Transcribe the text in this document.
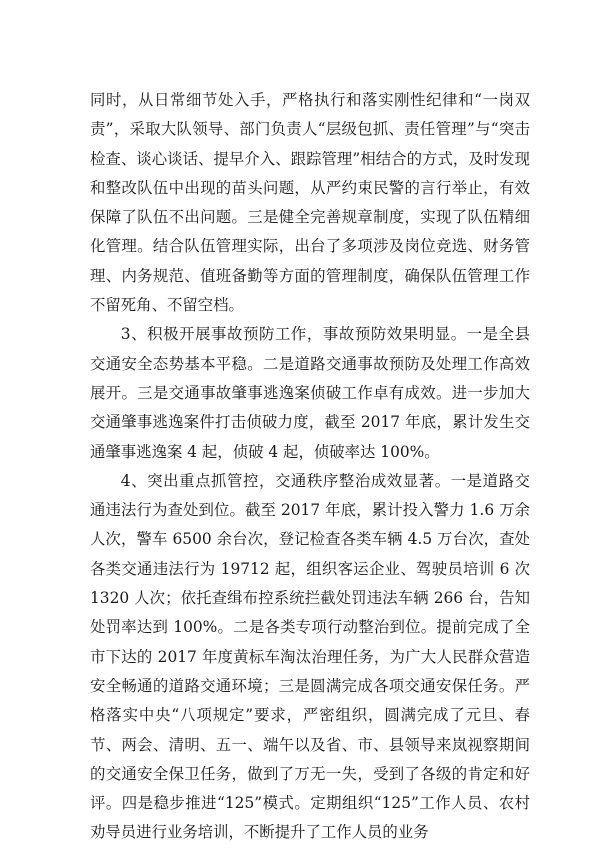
同时，从日常细节处入手，严格执行和落实刚性纪律和“一岗双责”，采取大队领导、部门负责人“层级包抓、责任管理”与“突击检查、谈心谈话、提早介入、跟踪管理”相结合的方式，及时发现和整改队伍中出现的苗头问题，从严约束民警的言行举止，有效保障了队伍不出问题。三是健全完善规章制度，实现了队伍精细化管理。结合队伍管理实际，出台了多项涉及岗位竞选、财务管理、内务规范、值班备勤等方面的管理制度，确保队伍管理工作不留死角、不留空档。

3、积极开展事故预防工作，事故预防效果明显。一是全县交通安全态势基本平稳。二是道路交通事故预防及处理工作高效展开。三是交通事故肇事逃逸案侦破工作卓有成效。进一步加大交通肇事逃逸案件打击侦破力度，截至 2017 年底，累计发生交通肇事逃逸案 4 起，侦破 4 起，侦破率达 100%。

4、突出重点抓管控，交通秩序整治成效显著。一是道路交通违法行为查处到位。截至 2017 年底，累计投入警力 1.6 万余人次，警车 6500 余台次，登记检查各类车辆 4.5 万台次，查处各类交通违法行为 19712 起，组织客运企业、驾驶员培训 6 次 1320 人次；依托查缉布控系统拦截处罚违法车辆 266 台，告知处罚率达到 100%。二是各类专项行动整治到位。提前完成了全市下达的 2017 年度黄标车淘汰治理任务，为广大人民群众营造安全畅通的道路交通环境；三是圆满完成各项交通安保任务。严格落实中央“八项规定”要求，严密组织，圆满完成了元旦、春节、两会、清明、五一、端午以及省、市、县领导来岚视察期间的交通安全保卫任务，做到了万无一失，受到了各级的肯定和好评。四是稳步推进“125”模式。定期组织“125”工作人员、农村劝导员进行业务培训，不断提升了工作人员的业务
